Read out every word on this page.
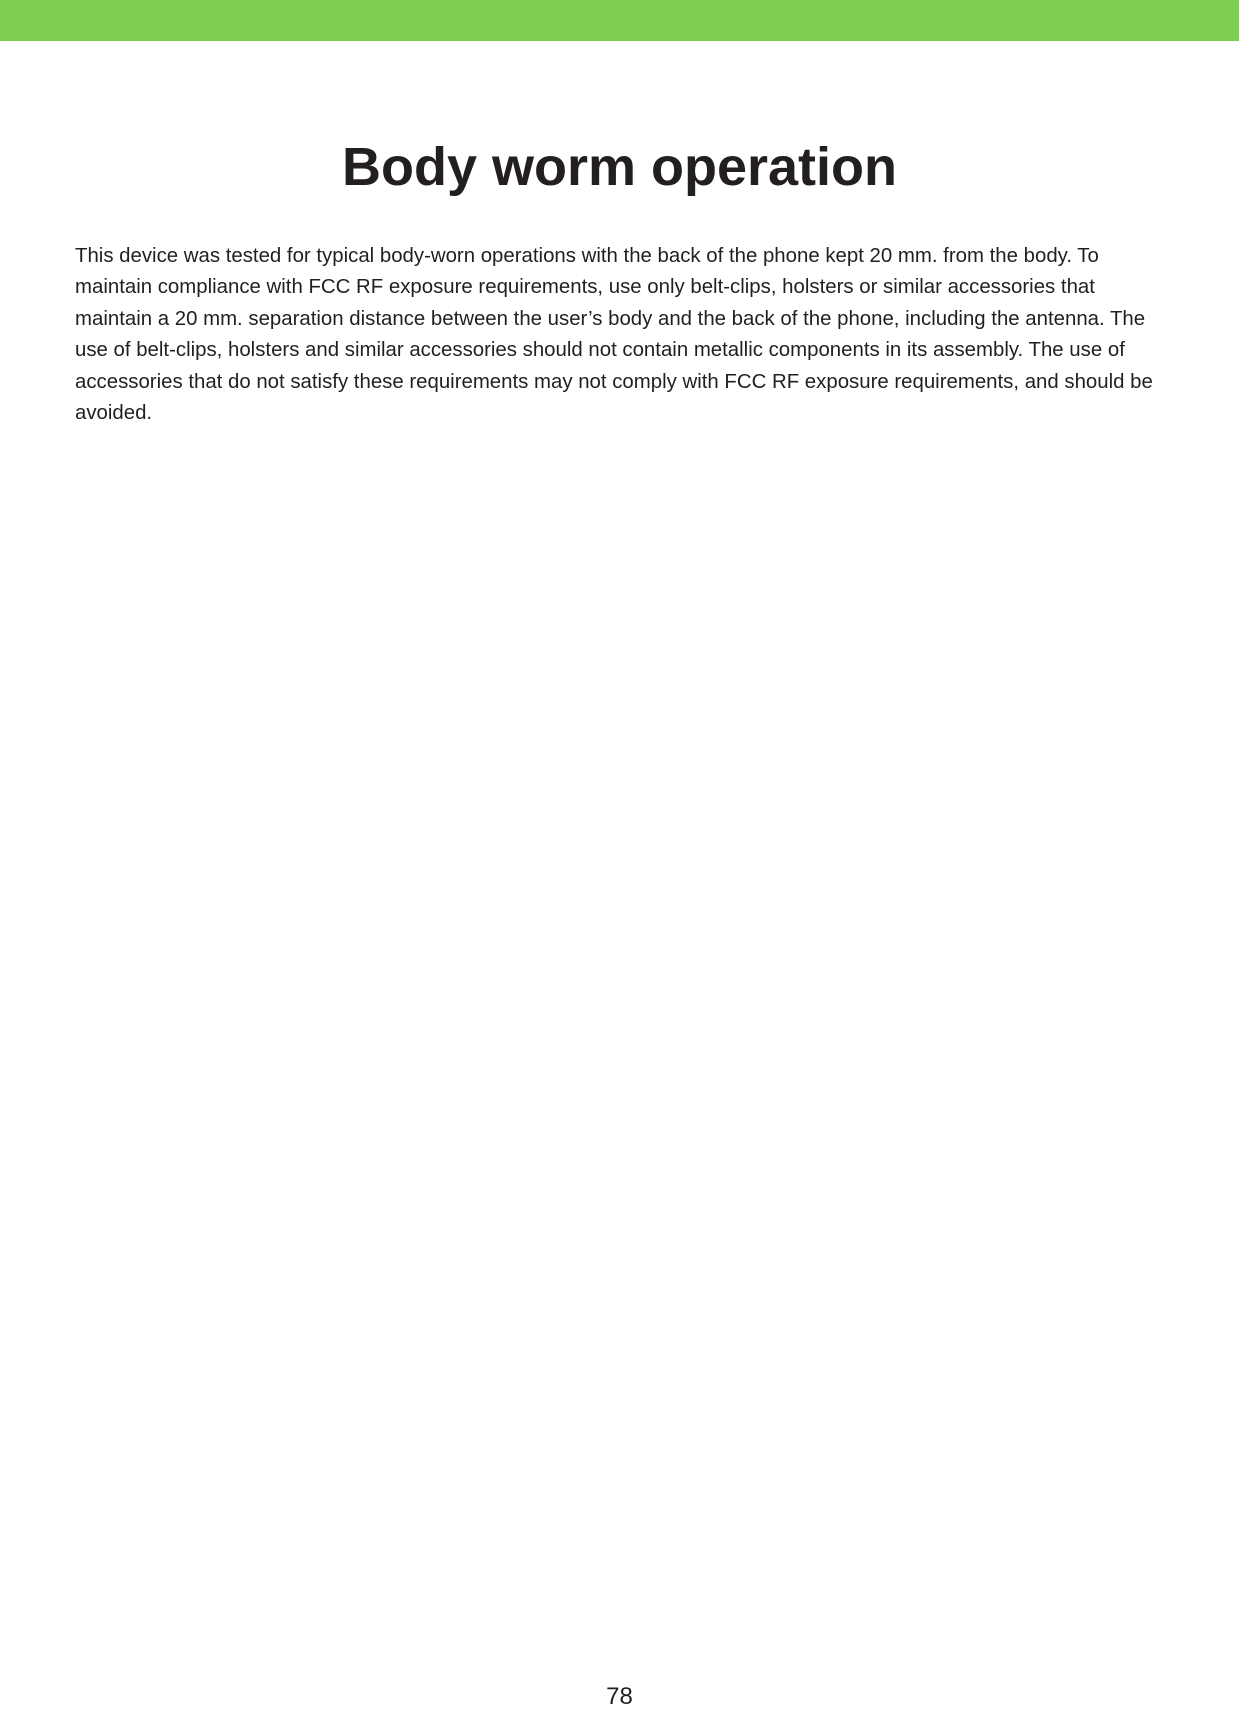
Body worm operation

This device was tested for typical body-worn operations with the back of the phone kept 20 mm. from the body. To maintain compliance with FCC RF exposure requirements, use only belt-clips, holsters or similar accessories that maintain a 20 mm. separation distance between the user’s body and the back of the phone, including the antenna. The use of belt-clips, holsters and similar accessories should not contain metallic components in its assembly. The use of accessories that do not satisfy these requirements may not comply with FCC RF exposure requirements, and should be avoided.

78
